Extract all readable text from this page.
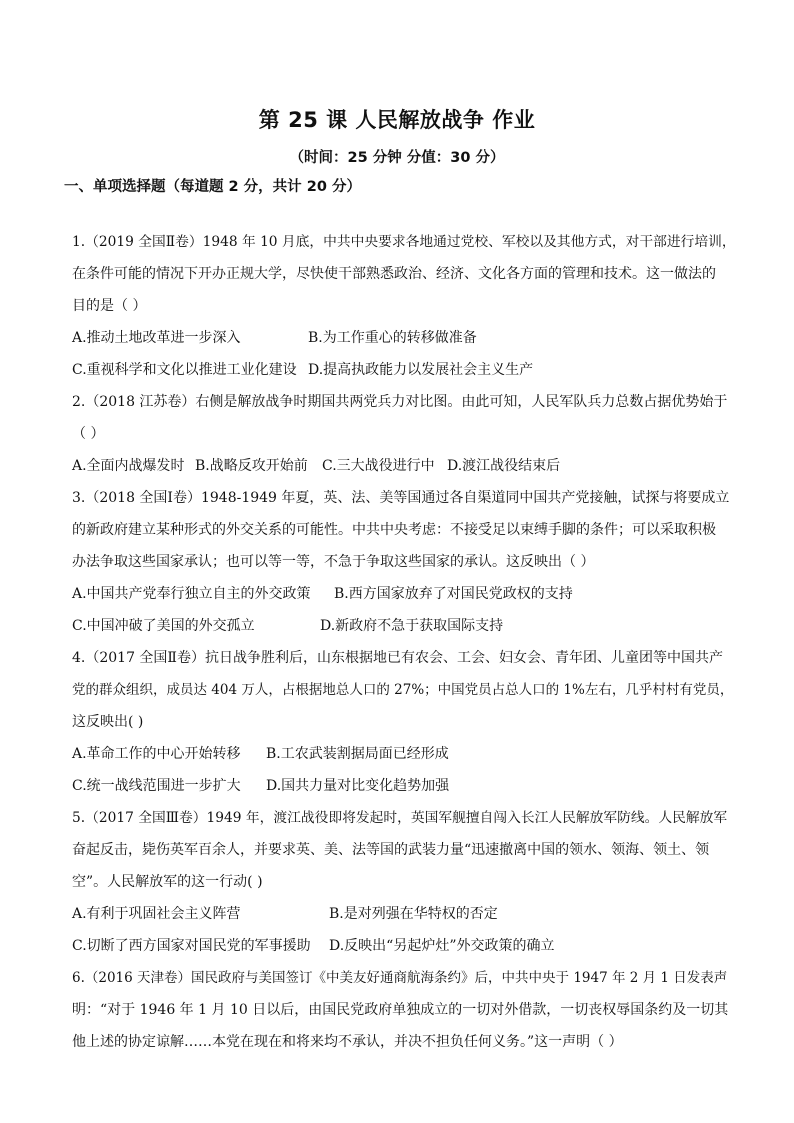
第 25 课 人民解放战争 作业
（时间：25 分钟 分值：30 分）
一、单项选择题（每道题 2 分，共计 20 分）
1.（2019 全国Ⅱ卷）1948 年 10 月底，中共中央要求各地通过党校、军校以及其他方式，对干部进行培训，
在条件可能的情况下开办正规大学，尽快使干部熟悉政治、经济、文化各方面的管理和技术。这一做法的
目的是（ ）
A.推动土地改革进一步深入	B.为工作重心的转移做准备
C.重视科学和文化以推进工业化建设 D.提高执政能力以发展社会主义生产
2.（2018 江苏卷）右侧是解放战争时期国共两党兵力对比图。由此可知，人民军队兵力总数占据优势始于
（ ）
A.全面内战爆发时 B.战略反攻开始前 C.三大战役进行中 D.渡江战役结束后
3.（2018 全国Ⅰ卷）1948-1949 年夏，英、法、美等国通过各自渠道同中国共产党接触，试探与将要成立
的新政府建立某种形式的外交关系的可能性。中共中央考虑：不接受足以束缚手脚的条件；可以采取积极
办法争取这些国家承认；也可以等一等，不急于争取这些国家的承认。这反映出（ ）
A.中国共产党奉行独立自主的外交政策 B.西方国家放弃了对国民党政权的支持
C.中国冲破了美国的外交孤立	D.新政府不急于获取国际支持
4.（2017 全国Ⅱ卷）抗日战争胜利后，山东根据地已有农会、工会、妇女会、青年团、儿童团等中国共产
党的群众组织，成员达 404 万人，占根据地总人口的 27%；中国党员占总人口的 1%左右，几乎村村有党员，
这反映出( )
A.革命工作的中心开始转移 B.工农武装割据局面已经形成
C.统一战线范围进一步扩大 D.国共力量对比变化趋势加强
5.（2017 全国Ⅲ卷）1949 年，渡江战役即将发起时，英国军舰擅自闯入长江人民解放军防线。人民解放军
奋起反击，毙伤英军百余人，并要求英、美、法等国的武装力量“迅速撤离中国的领水、领海、领土、领
空”。人民解放军的这一行动( )
A.有利于巩固社会主义阵营	B.是对列强在华特权的否定
C.切断了西方国家对国民党的军事援助 D.反映出“另起炉灶”外交政策的确立
6.（2016 天津卷）国民政府与美国签订《中美友好通商航海条约》后，中共中央于 1947 年 2 月 1 日发表声
明：“对于 1946 年 1 月 10 日以后，由国民党政府单独成立的一切对外借款，一切丧权辱国条约及一切其
他上述的协定谅解……本党在现在和将来均不承认，并决不担负任何义务。”这一声明（ ）
